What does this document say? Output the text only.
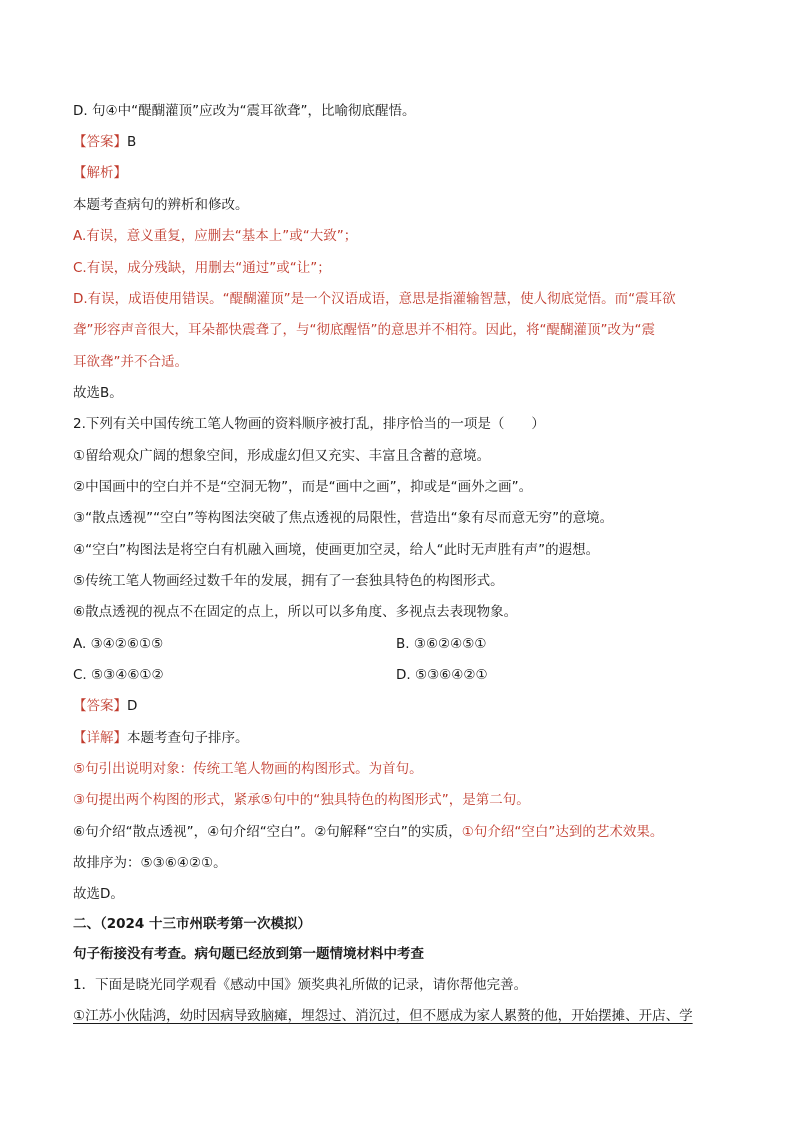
D. 句④中“醍醐灌顶”应改为“震耳欲聋”，比喻彻底醒悟。
【答案】B
【解析】
本题考查病句的辨析和修改。
A.有误，意义重复，应删去“基本上”或“大致”；
C.有误，成分残缺，用删去“通过”或“让”；
D.有误，成语使用错误。“醍醐灌顶”是一个汉语成语，意思是指灌输智慧，使人彻底觉悟。而“震耳欲
聋”形容声音很大，耳朵都快震聋了，与“彻底醒悟”的意思并不相符。因此，将“醍醐灌顶”改为“震
耳欲聋”并不合适。
故选B。
2.下列有关中国传统工笔人物画的资料顺序被打乱，排序恰当的一项是（　　）
①留给观众广阔的想象空间，形成虚幻但又充实、丰富且含蓄的意境。
②中国画中的空白并不是“空洞无物”，而是“画中之画”，抑或是“画外之画”。
③“散点透视”“空白”等构图法突破了焦点透视的局限性，营造出“象有尽而意无穷”的意境。
④“空白”构图法是将空白有机融入画境，使画更加空灵，给人“此时无声胜有声”的遐想。
⑤传统工笔人物画经过数千年的发展，拥有了一套独具特色的构图形式。
⑥散点透视的视点不在固定的点上，所以可以多角度、多视点去表现物象。
A. ③④②⑥①⑤	B. ③⑥②④⑤①
C. ⑤③④⑥①②	D. ⑤③⑥④②①
【答案】D
【详解】本题考查句子排序。
⑤句引出说明对象：传统工笔人物画的构图形式。为首句。
③句提出两个构图的形式，紧承⑤句中的“独具特色的构图形式”，是第二句。
⑥句介绍“散点透视”，④句介绍“空白”。②句解释“空白”的实质，①句介绍“空白”达到的艺术效果。
故排序为：⑤③⑥④②①。
故选D。
二、（2024 十三市州联考第一次模拟）
句子衔接没有考查。病句题已经放到第一题情境材料中考查
1．下面是晓光同学观看《感动中国》颁奖典礼所做的记录，请你帮他完善。
①江苏小伙陆鸿，幼时因病导致脑瘫，埋怨过、消沉过，但不愿成为家人累赘的他，开始摆摊、开店、学
